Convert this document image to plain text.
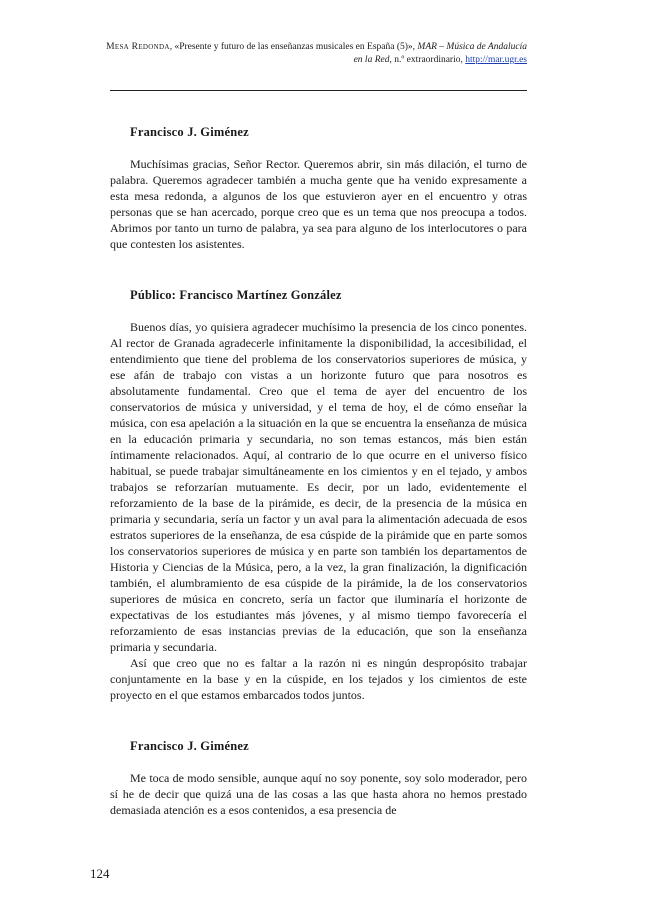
Mesa Redonda, «Presente y futuro de las enseñanzas musicales en España (5)», MAR – Música de Andalucía en la Red, n.º extraordinario, http://mar.ugr.es

Francisco J. Giménez

Muchísimas gracias, Señor Rector. Queremos abrir, sin más dilación, el turno de palabra. Queremos agradecer también a mucha gente que ha venido expresamente a esta mesa redonda, a algunos de los que estuvieron ayer en el encuentro y otras personas que se han acercado, porque creo que es un tema que nos preocupa a todos. Abrimos por tanto un turno de palabra, ya sea para alguno de los interlocutores o para que contesten los asistentes.

Público: Francisco Martínez González

Buenos días, yo quisiera agradecer muchísimo la presencia de los cinco ponentes. Al rector de Granada agradecerle infinitamente la disponibilidad, la accesibilidad, el entendimiento que tiene del problema de los conservatorios superiores de música, y ese afán de trabajo con vistas a un horizonte futuro que para nosotros es absolutamente fundamental. Creo que el tema de ayer del encuentro de los conservatorios de música y universidad, y el tema de hoy, el de cómo enseñar la música, con esa apelación a la situación en la que se encuentra la enseñanza de música en la educación primaria y secundaria, no son temas estancos, más bien están íntimamente relacionados. Aquí, al contrario de lo que ocurre en el universo físico habitual, se puede trabajar simultáneamente en los cimientos y en el tejado, y ambos trabajos se reforzarían mutuamente. Es decir, por un lado, evidentemente el reforzamiento de la base de la pirámide, es decir, de la presencia de la música en primaria y secundaria, sería un factor y un aval para la alimentación adecuada de esos estratos superiores de la enseñanza, de esa cúspide de la pirámide que en parte somos los conservatorios superiores de música y en parte son también los departamentos de Historia y Ciencias de la Música, pero, a la vez, la gran finalización, la dignificación también, el alumbramiento de esa cúspide de la pirámide, la de los conservatorios superiores de música en concreto, sería un factor que iluminaría el horizonte de expectativas de los estudiantes más jóvenes, y al mismo tiempo favorecería el reforzamiento de esas instancias previas de la educación, que son la enseñanza primaria y secundaria.

Así que creo que no es faltar a la razón ni es ningún despropósito trabajar conjuntamente en la base y en la cúspide, en los tejados y los cimientos de este proyecto en el que estamos embarcados todos juntos.

Francisco J. Giménez

Me toca de modo sensible, aunque aquí no soy ponente, soy solo moderador, pero sí he de decir que quizá una de las cosas a las que hasta ahora no hemos prestado demasiada atención es a esos contenidos, a esa presencia de

124
